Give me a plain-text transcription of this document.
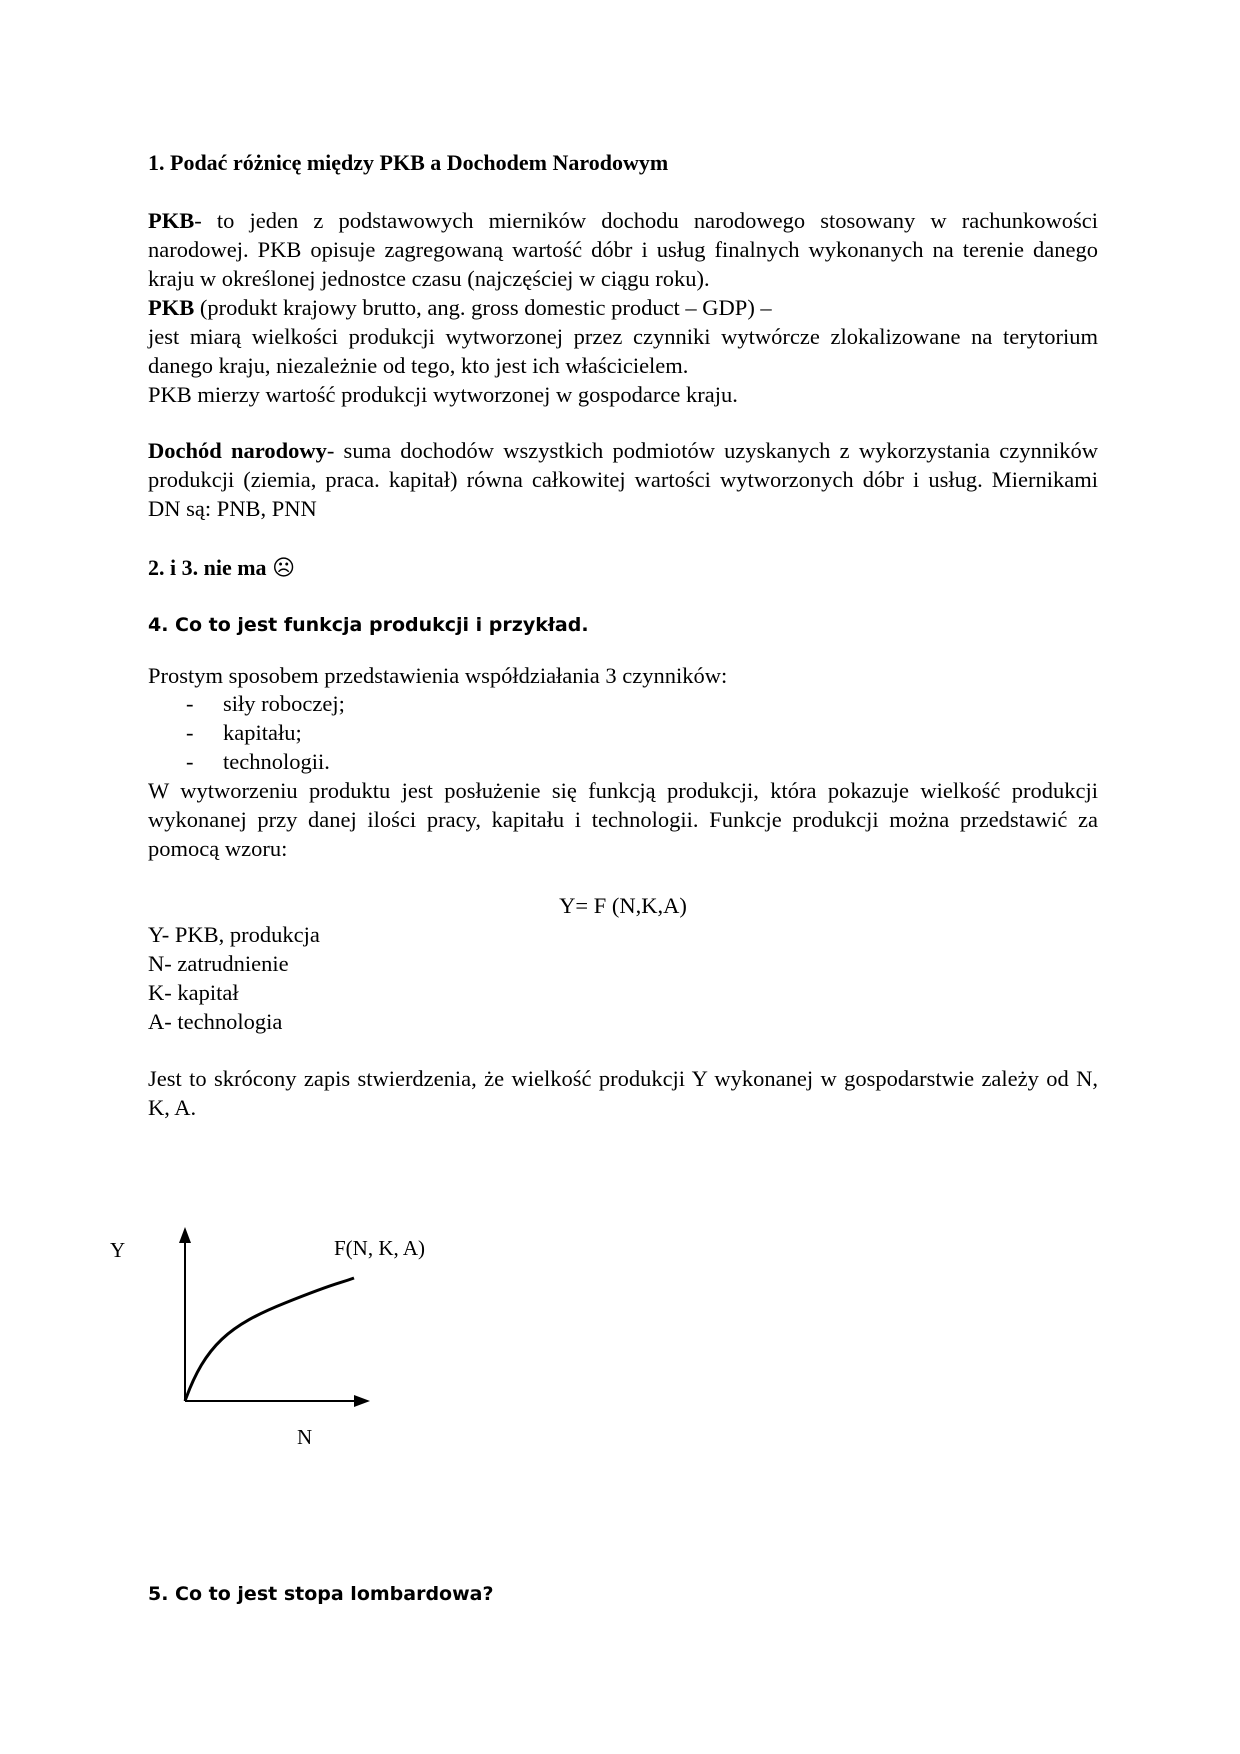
1. Podać różnicę między PKB a Dochodem Narodowym

PKB- to jeden z podstawowych mierników dochodu narodowego stosowany w rachunkowości narodowej. PKB opisuje zagregowaną wartość dóbr i usług finalnych wykonanych na terenie danego kraju w określonej jednostce czasu (najczęściej w ciągu roku).

PKB (produkt krajowy brutto, ang. gross domestic product – GDP) –

jest miarą wielkości produkcji wytworzonej przez czynniki wytwórcze zlokalizowane na terytorium danego kraju, niezależnie od tego, kto jest ich właścicielem.

PKB mierzy wartość produkcji wytworzonej w gospodarce kraju.

Dochód narodowy- suma dochodów wszystkich podmiotów uzyskanych z wykorzystania czynników produkcji (ziemia, praca. kapitał) równa całkowitej wartości wytworzonych dóbr i usług. Miernikami DN są: PNB, PNN

2. i 3. nie ma ☹

4. Co to jest funkcja produkcji i przykład.

Prostym sposobem przedstawienia współdziałania 3 czynników:

- siły roboczej;
- kapitału;
- technologii.

W wytworzeniu produktu jest posłużenie się funkcją produkcji, która pokazuje wielkość produkcji wykonanej przy danej ilości pracy, kapitału i technologii. Funkcje produkcji można przedstawić za pomocą wzoru:

Y= F (N,K,A)
Y- PKB, produkcja
N- zatrudnienie
K- kapitał
A- technologia

Jest to skrócony zapis stwierdzenia, że wielkość produkcji Y wykonanej w gospodarstwie zależy od N, K, A.

Y	F(N, K, A)
N

5. Co to jest stopa lombardowa?
